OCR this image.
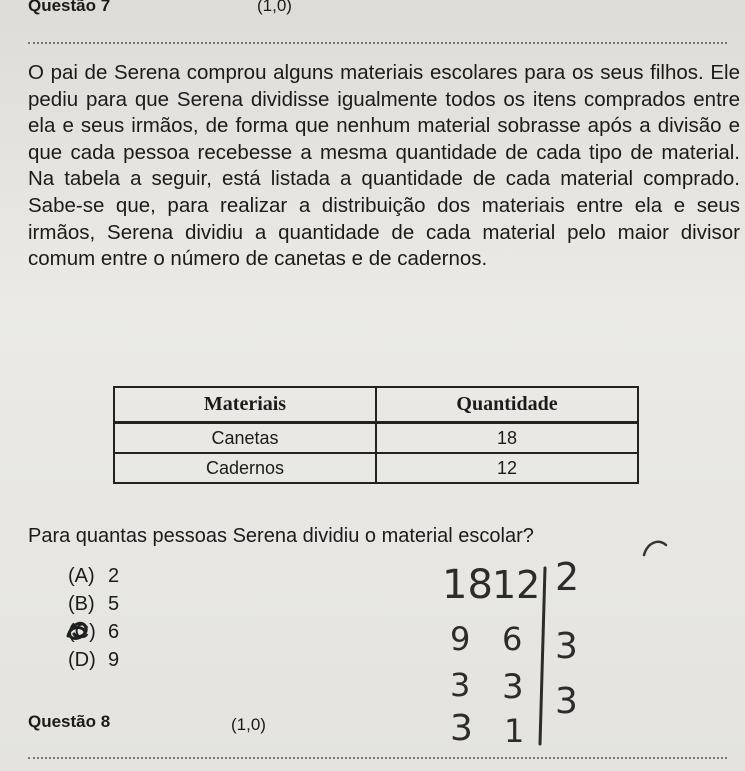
Questão 7	(1,0)

O pai de Serena comprou alguns materiais escolares para os seus filhos. Ele pediu para que Serena dividisse igualmente todos os itens comprados entre ela e seus irmãos, de forma que nenhum material sobrasse após a divisão e que cada pessoa recebesse a mesma quantidade de cada tipo de material. Na tabela a seguir, está listada a quantidade de cada material comprado. Sabe-se que, para realizar a distribuição dos materiais entre ela e seus irmãos, Serena dividiu a quantidade de cada material pelo maior divisor comum entre o número de canetas e de cadernos.

Materiais	Quantidade
Canetas	18
Cadernos	12
Para quantas pessoas Serena dividiu o material escolar?
(A) 2
(B) 5
(C) 6
(D) 9
18 12 2
9 6 3
3 3 3
3 1
Questão 8	(1,0)
